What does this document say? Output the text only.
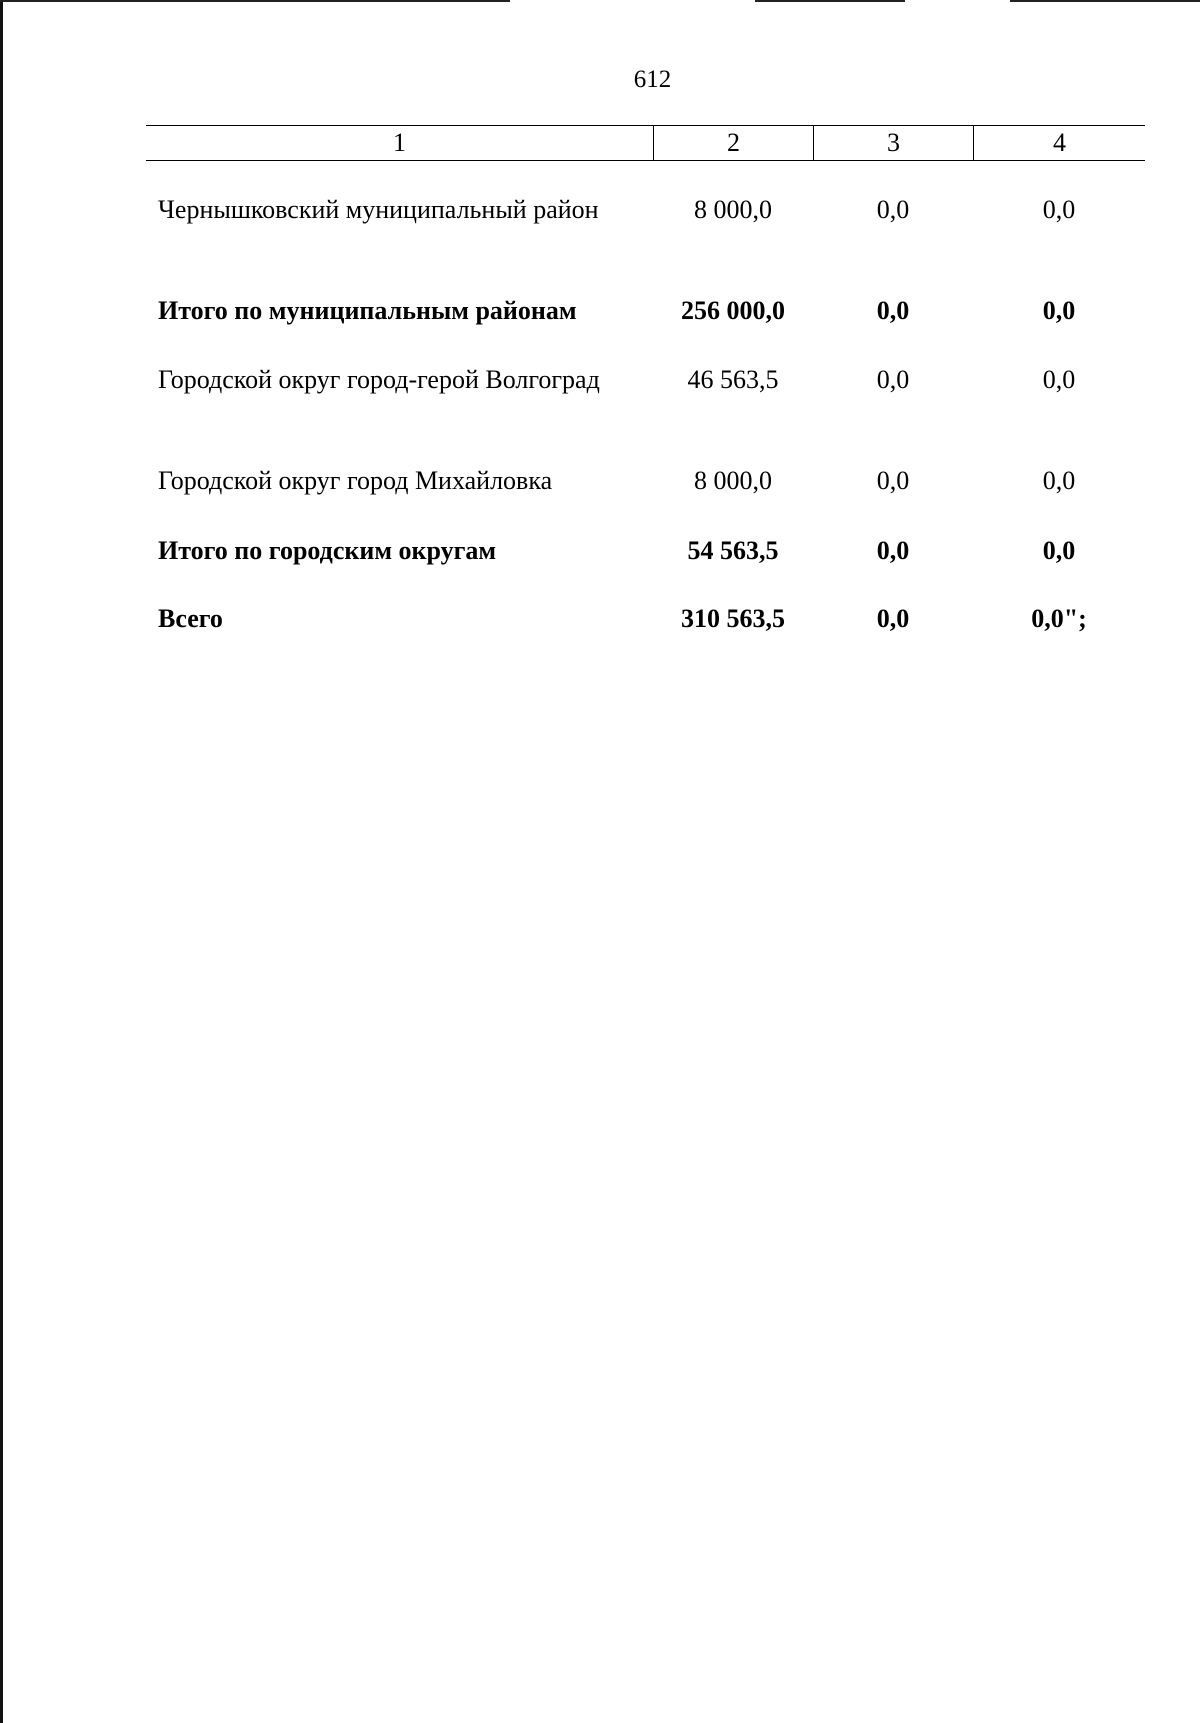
612
1	2	3	4
Чернышковский муниципальный район	8 000,0	0,0	0,0
Итого по муниципальным районам	256 000,0	0,0	0,0
Городской округ город-герой Волгоград	46 563,5	0,0	0,0
Городской округ город Михайловка	8 000,0	0,0	0,0
Итого по городским округам	54 563,5	0,0	0,0
Всего	310 563,5	0,0	0,0";
